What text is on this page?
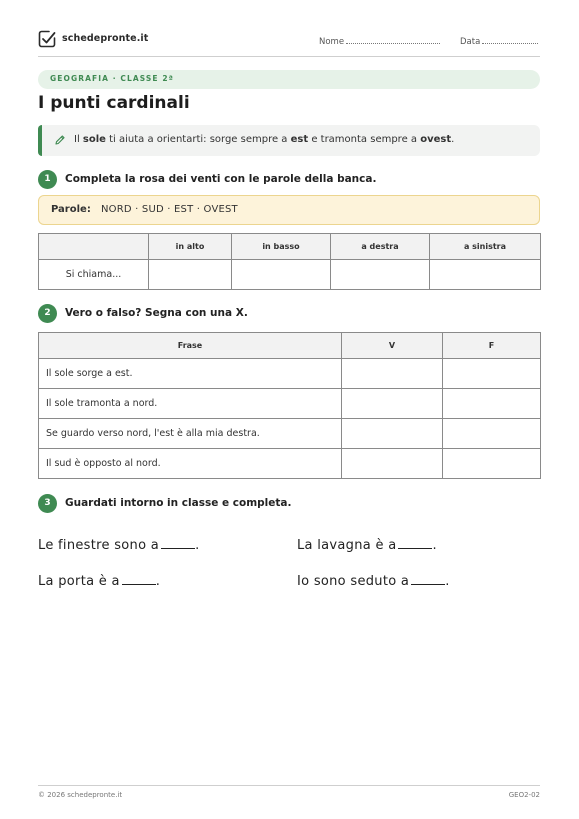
schedepronte.it	Nome	Data
GEOGRAFIA · CLASSE 2ª
I punti cardinali
Il sole ti aiuta a orientarti: sorge sempre a est e tramonta sempre a ovest.
1	Completa la rosa dei venti con le parole della banca.
Parole: NORD · SUD · EST · OVEST
	in alto	in basso	a destra	a sinistra
Si chiama...				
2	Vero o falso? Segna con una X.
Frase	V	F
Il sole sorge a est.		
Il sole tramonta a nord.		
Se guardo verso nord, l'est è alla mia destra.		
Il sud è opposto al nord.		
3	Guardati intorno in classe e completa.
Le finestre sono a	.	La lavagna è a	.
La porta è a	.	Io sono seduto a	.
© 2026 schedepronte.it	GEO2-02
